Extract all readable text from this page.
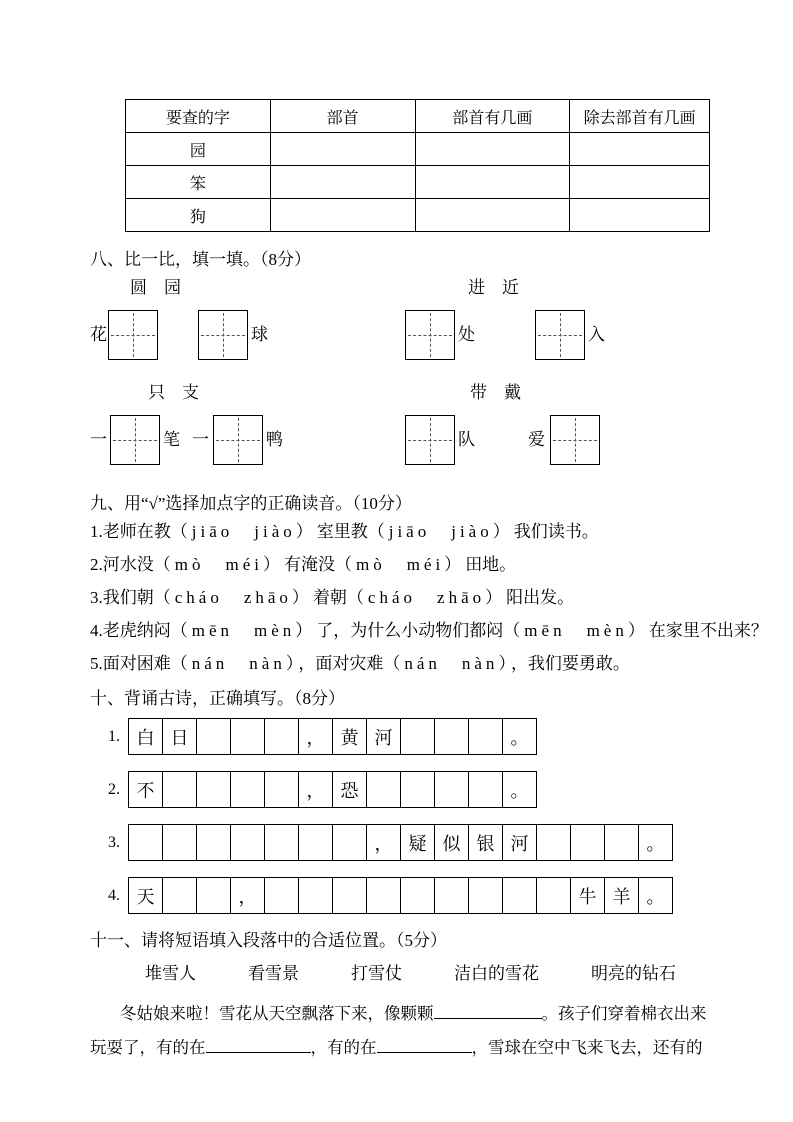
要查的字	部首	部首有几画	除去部首有几画
园			
笨			
狗			
八、比一比，填一填。（8分）
圆　园	进　近
花	球	处	入
只　支	带　戴
一	笔 一	鸭	队	爱
九、用“√”选择加点字的正确读音。（10分）

1.老师在教（jiāo　jiào）室里教（jiāo　jiào）我们读书。

2.河水没（mò　méi）有淹没（mò　méi）田地。

3.我们朝（cháo　zhāo）着朝（cháo　zhāo）阳出发。

4.老虎纳闷（mēn　mèn）了，为什么小动物们都闷（mēn　mèn）在家里不出来？

5.面对困难（nán　nàn），面对灾难（nán　nàn），我们要勇敢。

十、背诵古诗，正确填写。（8分）
1. 白 日	， 黄 河	。
2. 不	， 恐	。
3.	， 疑 似 银 河	。
4. 天	，	牛 羊 。
十一、请将短语填入段落中的合适位置。（5分）
堆雪人	看雪景	打雪仗	洁白的雪花	明亮的钻石
冬姑娘来啦！雪花从天空飘落下来，像颗颗	。孩子们穿着棉衣出来
玩耍了，有的在	，有的在	，雪球在空中飞来飞去，还有的
